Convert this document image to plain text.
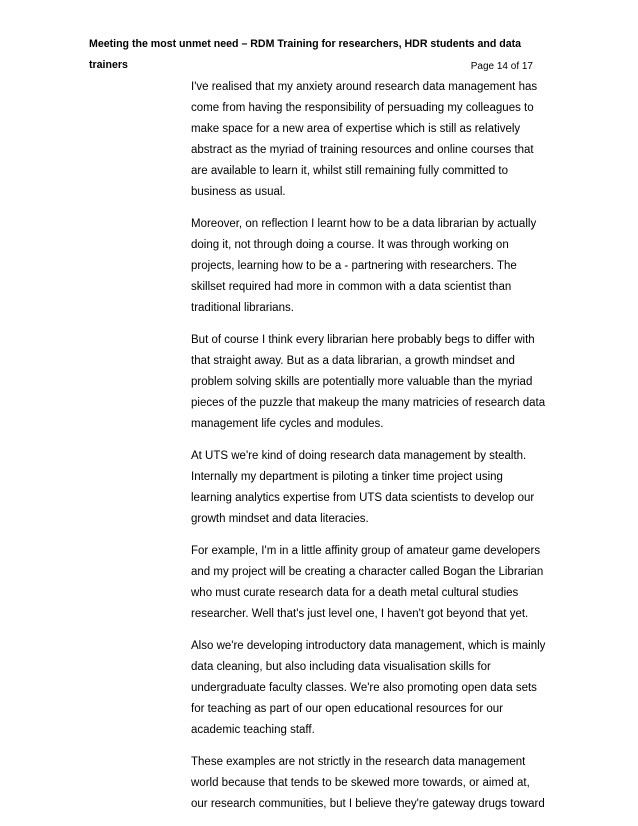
Meeting the most unmet need – RDM Training for researchers, HDR students and data
trainers	Page 14 of 17

I've realised that my anxiety around research data management has come from having the responsibility of persuading my colleagues to make space for a new area of expertise which is still as relatively abstract as the myriad of training resources and online courses that are available to learn it, whilst still remaining fully committed to business as usual.

Moreover, on reflection I learnt how to be a data librarian by actually doing it, not through doing a course. It was through working on projects, learning how to be a - partnering with researchers. The skillset required had more in common with a data scientist than traditional librarians.

But of course I think every librarian here probably begs to differ with that straight away. But as a data librarian, a growth mindset and problem solving skills are potentially more valuable than the myriad pieces of the puzzle that makeup the many matricies of research data management life cycles and modules.

At UTS we're kind of doing research data management by stealth. Internally my department is piloting a tinker time project using learning analytics expertise from UTS data scientists to develop our growth mindset and data literacies.

For example, I'm in a little affinity group of amateur game developers and my project will be creating a character called Bogan the Librarian who must curate research data for a death metal cultural studies researcher. Well that's just level one, I haven't got beyond that yet.

Also we're developing introductory data management, which is mainly data cleaning, but also including data visualisation skills for undergraduate faculty classes. We're also promoting open data sets for teaching as part of our open educational resources for our academic teaching staff.

These examples are not strictly in the research data management world because that tends to be skewed more towards, or aimed at, our research communities, but I believe they're gateway drugs toward
